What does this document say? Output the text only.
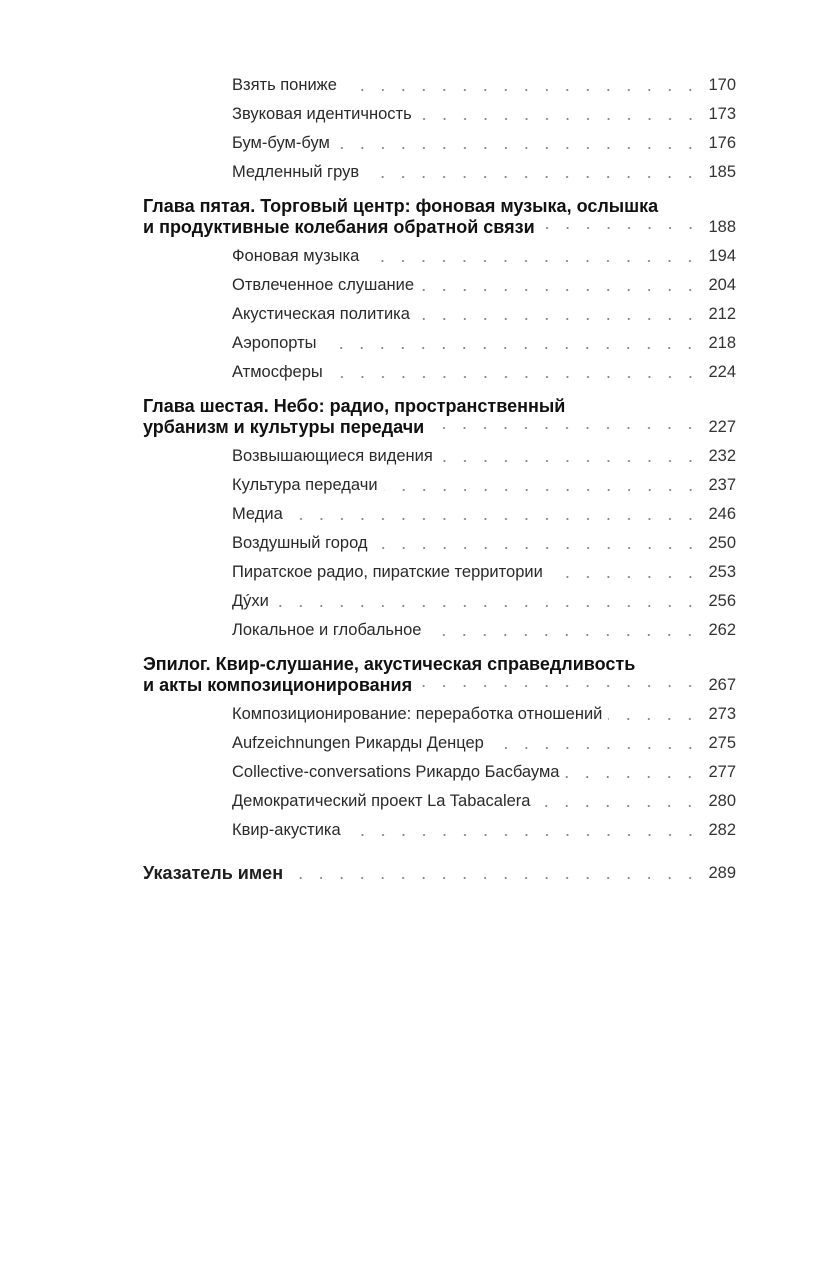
Взять пониже	170
Звуковая идентичность	173
Бум-бум-бум	176
Медленный грув	185
Глава пятая. Торговый центр: фоновая музыка, ослышка
и продуктивные колебания обратной связи	188
Фоновая музыка	194
Отвлеченное слушание	204
Акустическая политика	212
Аэропорты	218
Атмосферы	224
Глава шестая. Небо: радио, пространственный
урбанизм и культуры передачи	227
Возвышающиеся видения	232
Культура передачи	237
Медиа	246
Воздушный город	250
Пиратское радио, пиратские территории	253
Дýхи	256
Локальное и глобальное	262
Эпилог. Квир-слушание, акустическая справедливость
и акты композиционирования	267
Композиционирование: переработка отношений	273
Aufzeichnungen Рикарды Денцер	275
Collective-conversations Рикардо Басбаума	277
Демократический проект La Tabacalera	280
Квир-акустика	282
Указатель имен	289
